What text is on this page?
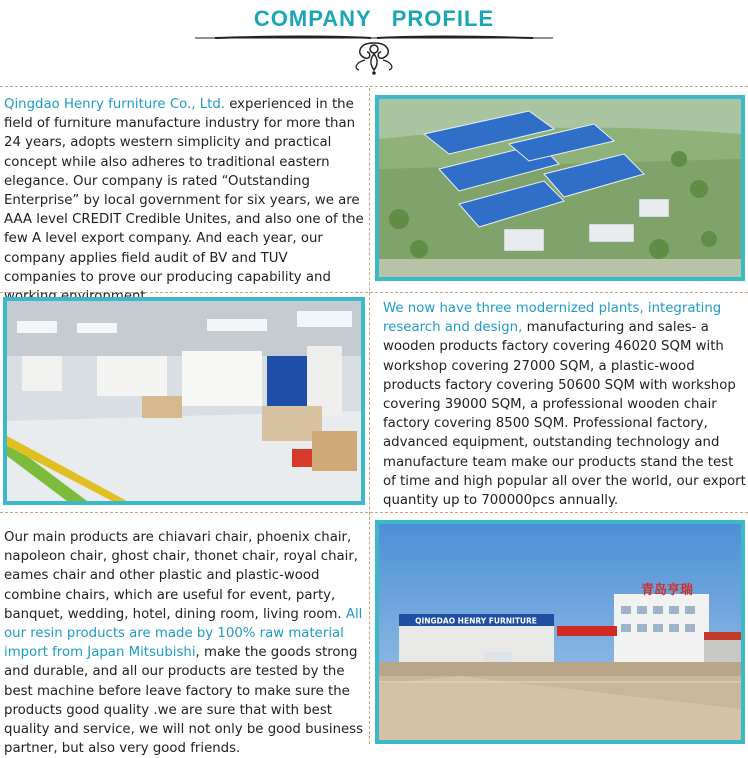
COMPANY PROFILE
Qingdao Henry furniture Co., Ltd. experienced in the field of furniture manufacture industry for more than 24 years, adopts western simplicity and practical concept while also adheres to traditional eastern elegance. Our company is rated “Outstanding Enterprise” by local government for six years, we are AAA level CREDIT Credible Unites, and also one of the few A level export company. And each year, our company applies field audit of BV and TUV companies to prove our producing capability and
We now have three modernized plants, integrating research and design, manufacturing and sales- a wooden products factory covering 46020 SQM with workshop covering 27000 SQM, a plastic-wood products factory covering 50600 SQM with workshop covering 39000 SQM, a professional wooden chair factory covering 8500 SQM. Professional factory, advanced equipment, outstanding technology and manufacture team make our products stand the test of time and high popular all over the world, our export quantity up to 700000pcs annually.
Our main products are chiavari chair, phoenix chair, napoleon chair, ghost chair, thonet chair, royal chair, eames chair and other plastic and plastic-wood combine chairs, which are useful for event, party, banquet, wedding, hotel, dining room, living room. All our resin products are made by 100% raw material import from Japan Mitsubishi, make the goods strong and durable, and all our products are tested by the best machine before leave factory to make sure the products good quality .we are sure that with best quality and service, we will not only be good business partner, but also very good friends.
QINGDAO HENRY FURNITURE
青岛亨瑞
